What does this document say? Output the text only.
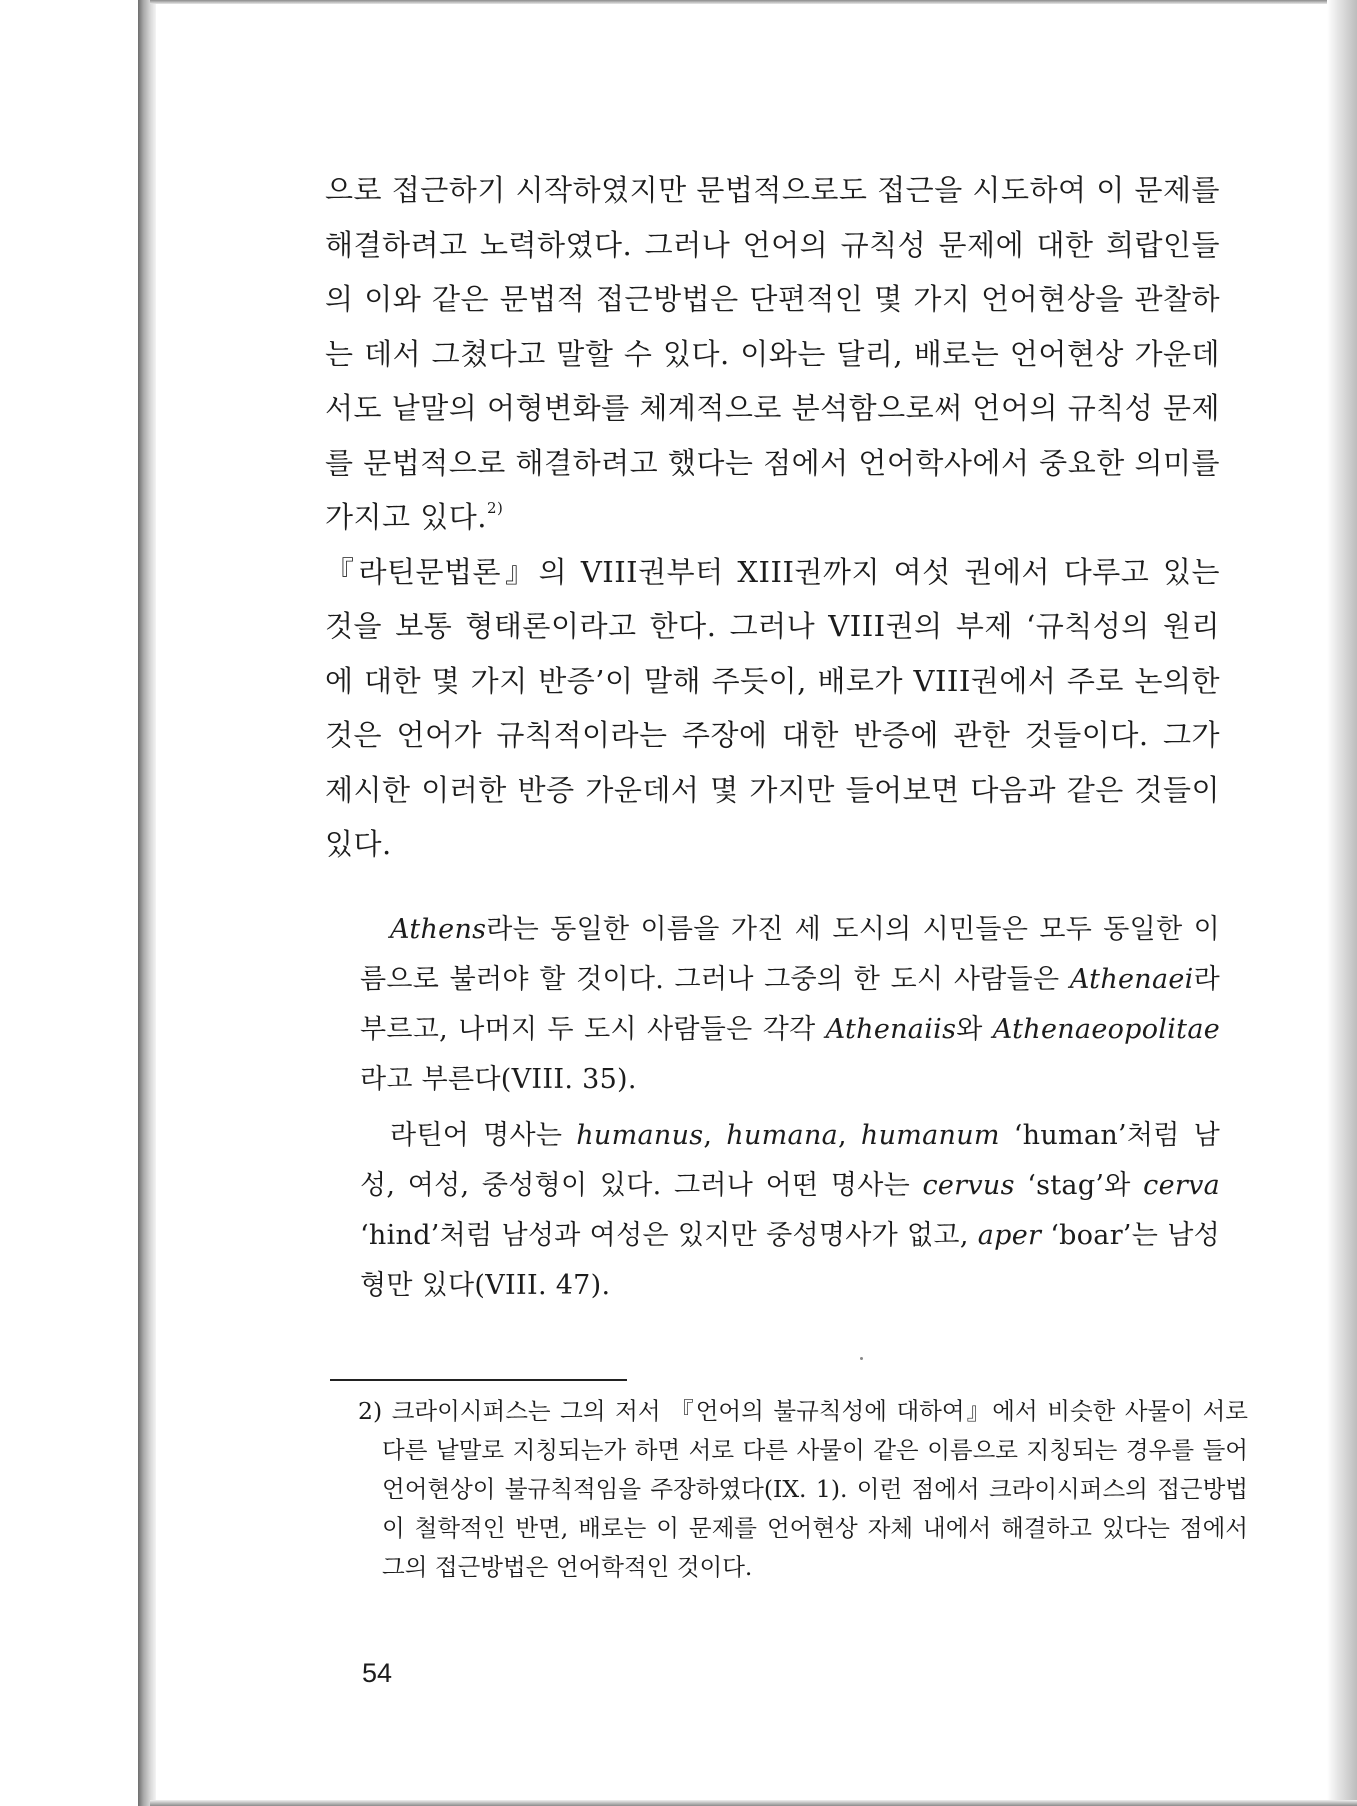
으로 접근하기 시작하였지만 문법적으로도 접근을 시도하여 이 문제를 해결하려고 노력하였다. 그러나 언어의 규칙성 문제에 대한 희랍인들의 이와 같은 문법적 접근방법은 단편적인 몇 가지 언어현상을 관찰하는 데서 그쳤다고 말할 수 있다. 이와는 달리, 배로는 언어현상 가운데서도 낱말의 어형변화를 체계적으로 분석함으로써 언어의 규칙성 문제를 문법적으로 해결하려고 했다는 점에서 언어학사에서 중요한 의미를 가지고 있다.$^{2)}$

『라틴문법론』의 VIII권부터 XIII권까지 여섯 권에서 다루고 있는 것을 보통 형태론이라고 한다. 그러나 VIII권의 부제 ‘규칙성의 원리에 대한 몇 가지 반증’이 말해 주듯이, 배로가 VIII권에서 주로 논의한 것은 언어가 규칙적이라는 주장에 대한 반증에 관한 것들이다. 그가 제시한 이러한 반증 가운데서 몇 가지만 들어보면 다음과 같은 것들이 있다.

Athens라는 동일한 이름을 가진 세 도시의 시민들은 모두 동일한 이름으로 불러야 할 것이다. 그러나 그중의 한 도시 사람들은 Athenaei라 부르고, 나머지 두 도시 사람들은 각각 Athenaiis와 Athenaeopolitae라고 부른다(VIII. 35).

라틴어 명사는 humanus, humana, humanum ‘human’처럼 남성, 여성, 중성형이 있다. 그러나 어떤 명사는 cervus ‘stag’와 cerva ‘hind’처럼 남성과 여성은 있지만 중성명사가 없고, aper ‘boar’는 남성형만 있다(VIII. 47).

2) 크라이시퍼스는 그의 저서 『언어의 불규칙성에 대하여』에서 비슷한 사물이 서로 다른 낱말로 지칭되는가 하면 서로 다른 사물이 같은 이름으로 지칭되는 경우를 들어 언어현상이 불규칙적임을 주장하였다(IX. 1). 이런 점에서 크라이시퍼스의 접근방법이 철학적인 반면, 배로는 이 문제를 언어현상 자체 내에서 해결하고 있다는 점에서 그의 접근방법은 언어학적인 것이다.

54
